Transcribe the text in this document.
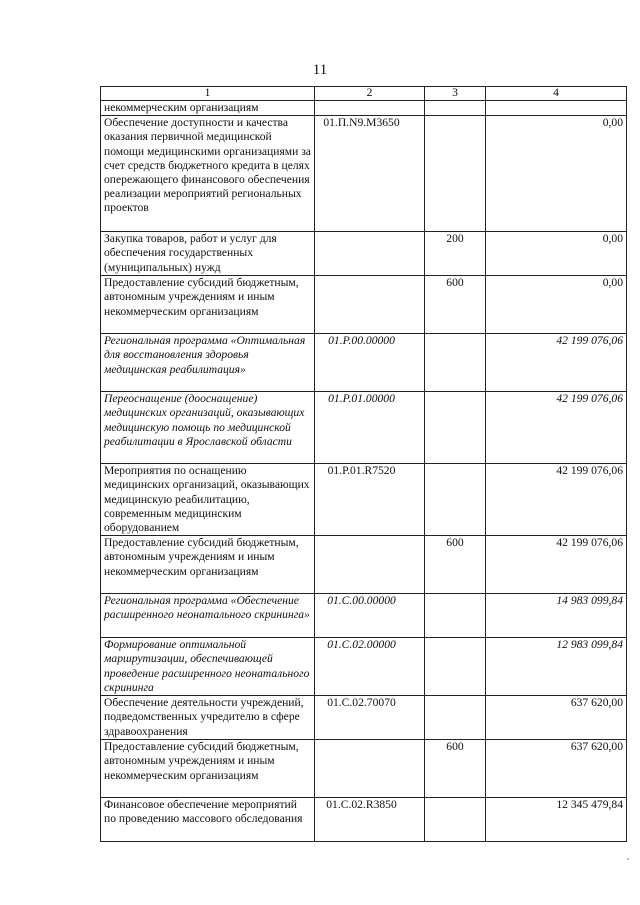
11
1	2	3	4
некоммерческим организациям			
Обеспечение доступности и качества оказания первичной медицинской помощи медицинскими организациями за счет средств бюджетного кредита в целях опережающего финансового обеспечения реализации мероприятий региональных проектов	01.П.N9.M3650		0,00
Закупка товаров, работ и услуг для обеспечения государственных (муниципальных) нужд		200	0,00
Предоставление субсидий бюджетным, автономным учреждениям и иным некоммерческим организациям		600	0,00
Региональная программа «Оптимальная для восстановления здоровья медицинская реабилитация»	01.Р.00.00000		42 199 076,06
Переоснащение (дооснащение) медицинских организаций, оказывающих медицинскую помощь по медицинской реабилитации в Ярославской области	01.Р.01.00000		42 199 076,06
Мероприятия по оснащению медицинских организаций, оказывающих медицинскую реабилитацию, современным медицинским оборудованием	01.Р.01.R7520		42 199 076,06
Предоставление субсидий бюджетным, автономным учреждениям и иным некоммерческим организациям		600	42 199 076,06
Региональная программа «Обеспечение расширенного неонатального скрининга»	01.С.00.00000		14 983 099,84
Формирование оптимальной маршрутизации, обеспечивающей проведение расширенного неонатального скрининга	01.С.02.00000		12 983 099,84
Обеспечение деятельности учреждений, подведомственных учредителю в сфере здравоохранения	01.С.02.70070		637 620,00
Предоставление субсидий бюджетным, автономным учреждениям и иным некоммерческим организациям		600	637 620,00
Финансовое обеспечение мероприятий по проведению массового обследования	01.С.02.R3850		12 345 479,84
